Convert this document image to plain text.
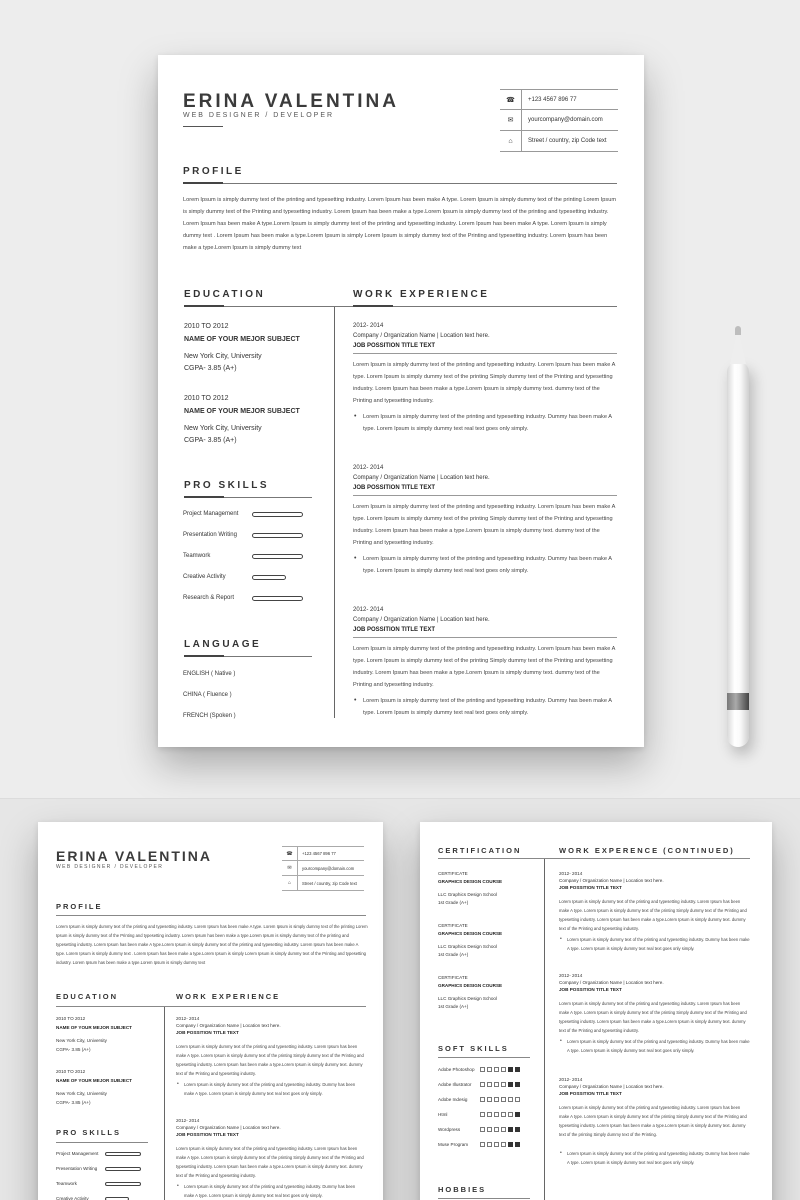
ERINA VALENTINA
WEB DESIGNER / DEVELOPER
☎	+123 4567 896 77
✉	yourcompany@domain.com
⌂	Street / country, zip Code text
PROFILE
Lorem Ipsum is simply dummy text of the printing and typesetting industry. Lorem Ipsum has been make A type. Lorem Ipsum is simply dummy text of the printing Lorem Ipsum is simply dummy text of the Printing and typesetting industry. Lorem Ipsum has been make a type.Lorem Ipsum is simply dummy text of the printing and typesetting industry. Lorem Ipsum has been make A type.Lorem Ipsum is simply dummy text of the printing and typesetting industry. Lorem Ipsum has been make A type. Lorem Ipsum is simply dummy text . Lorem Ipsum has been make a type.Lorem Ipsum is simply Lorem Ipsum is simply dummy text of the Printing and typesetting industry. Lorem Ipsum has been make a type.Lorem Ipsum is simply dummy text
EDUCATION
2010 TO 2012
NAME OF YOUR MEJOR SUBJECT
New York City, University
CGPA- 3.85 (A+)
2010 TO 2012
NAME OF YOUR MEJOR SUBJECT
New York City, University
CGPA- 3.85 (A+)
PRO SKILLS
Project Management
Presentation Writing
Teamwork
Creative Activity
Research & Report
LANGUAGE
ENGLISH ( Native )
CHINA ( Fluence )
FRENCH (Spoken )
WORK EXPERIENCE
2012- 2014
Company / Organization Name | Location text here.
JOB POSSITION TITLE TEXT
Lorem Ipsum is simply dummy text of the printing and typesetting industry. Lorem Ipsum has been make A type. Lorem Ipsum is simply dummy text of the printing Simply dummy text of the Printing and typesetting industry. Lorem Ipsum has been make a type.Lorem Ipsum is simply dummy text. dummy text of the Printing and typesetting industry.
• Lorem Ipsum is simply dummy text of the printing and typesetting industry. Dummy has been make A type. Lorem Ipsum is simply dummy text real text goes only simply.
2012- 2014
Company / Organization Name | Location text here.
JOB POSSITION TITLE TEXT
Lorem Ipsum is simply dummy text of the printing and typesetting industry. Lorem Ipsum has been make A type. Lorem Ipsum is simply dummy text of the printing Simply dummy text of the Printing and typesetting industry. Lorem Ipsum has been make a type.Lorem Ipsum is simply dummy text. dummy text of the Printing and typesetting industry.
• Lorem Ipsum is simply dummy text of the printing and typesetting industry. Dummy has been make A type. Lorem Ipsum is simply dummy text real text goes only simply.
2012- 2014
Company / Organization Name | Location text here.
JOB POSSITION TITLE TEXT
Lorem Ipsum is simply dummy text of the printing and typesetting industry. Lorem Ipsum has been make A type. Lorem Ipsum is simply dummy text of the printing Simply dummy text of the Printing and typesetting industry. Lorem Ipsum has been make a type.Lorem Ipsum is simply dummy text. dummy text of the Printing and typesetting industry.
• Lorem Ipsum is simply dummy text of the printing and typesetting industry. Dummy has been make A type. Lorem Ipsum is simply dummy text real text goes only simply.
ERINA VALENTINA
WEB DESIGNER / DEVELOPER
☎	+123 4567 896 77
✉	yourcompany@domain.com
⌂	Street / country, zip Code text
PROFILE
Lorem Ipsum is simply dummy text of the printing and typesetting industry. Lorem Ipsum has been make A type. Lorem Ipsum is simply dummy text of the printing Lorem Ipsum is simply dummy text of the Printing and typesetting industry. Lorem Ipsum has been make a type.Lorem Ipsum is simply dummy text of the printing and typesetting industry. Lorem Ipsum has been make A type.Lorem Ipsum is simply dummy text of the printing and typesetting industry. Lorem Ipsum has been make A type. Lorem Ipsum is simply dummy text . Lorem Ipsum has been make a type.Lorem Ipsum is simply Lorem Ipsum is simply dummy text of the Printing and typesetting industry. Lorem Ipsum has been make a type.Lorem Ipsum is simply dummy text
EDUCATION
2010 TO 2012
NAME OF YOUR MEJOR SUBJECT
New York City, University
CGPA- 3.85 (A+)
2010 TO 2012
NAME OF YOUR MEJOR SUBJECT
New York City, University
CGPA- 3.85 (A+)
PRO SKILLS
Project Management
Presentation Writing
Teamwork
Creative Activity
WORK EXPERIENCE
2012- 2014
Company / Organization Name | Location text here.
JOB POSSITION TITLE TEXT
Lorem Ipsum is simply dummy text of the printing and typesetting industry. Lorem Ipsum has been make A type. Lorem Ipsum is simply dummy text of the printing Simply dummy text of the Printing and typesetting industry. Lorem Ipsum has been make a type.Lorem Ipsum is simply dummy text. dummy text of the Printing and typesetting industry.
• Lorem Ipsum is simply dummy text of the printing and typesetting industry. Dummy has been make A type. Lorem Ipsum is simply dummy text real text goes only simply.
2012- 2014
Company / Organization Name | Location text here.
JOB POSSITION TITLE TEXT
Lorem Ipsum is simply dummy text of the printing and typesetting industry. Lorem Ipsum has been make A type. Lorem Ipsum is simply dummy text of the printing Simply dummy text of the Printing and typesetting industry. Lorem Ipsum has been make a type.Lorem Ipsum is simply dummy text. dummy text of the Printing and typesetting industry.
• Lorem Ipsum is simply dummy text of the printing and typesetting industry. Dummy has been make A type. Lorem Ipsum is simply dummy text real text goes only simply.
CERTIFICATION
CERTIFICATE
GRAPHICS DESIGN COURSE
LLC Graphics Design School
1st Grade (A+)
CERTIFICATE
GRAPHICS DESIGN COURSE
LLC Graphics Design School
1st Grade (A+)
CERTIFICATE
GRAPHICS DESIGN COURSE
LLC Graphics Design School
1st Grade (A+)
SOFT SKILLS
Adobe Photoshop
Adobe Illustrator
Adobe Indesig
Html
Wordpress
Muse Program
HOBBIES
WORK EXPERENCE (CONTINUED)
2012- 2014
Company / Organization Name | Location text here.
JOB POSSITION TITLE TEXT
Lorem Ipsum is simply dummy text of the printing and typesetting industry. Lorem Ipsum has been make A type. Lorem Ipsum is simply dummy text of the printing Simply dummy text of the Printing and typesetting industry. Lorem Ipsum has been make a type.Lorem Ipsum is simply dummy text. dummy text of the Printing and typesetting industry.
• Lorem Ipsum is simply dummy text of the printing and typesetting industry. Dummy has been make A type. Lorem Ipsum is simply dummy text real text goes only simply.
2012- 2014
Company / Organization Name | Location text here.
JOB POSSITION TITLE TEXT
Lorem Ipsum is simply dummy text of the printing and typesetting industry. Lorem Ipsum has been make A type. Lorem Ipsum is simply dummy text of the printing Simply dummy text of the Printing and typesetting industry. Lorem Ipsum has been make a type.Lorem Ipsum is simply dummy text. dummy text of the Printing and typesetting industry.
• Lorem Ipsum is simply dummy text of the printing and typesetting industry. Dummy has been make A type. Lorem Ipsum is simply dummy text real text goes only simply.
2012- 2014
Company / Organization Name | Location text here.
JOB POSSITION TITLE TEXT
Lorem Ipsum is simply dummy text of the printing and typesetting industry. Lorem Ipsum has been make A type. Lorem Ipsum is simply dummy text of the printing Simply dummy text of the Printing and typesetting industry. Lorem Ipsum has been make a type.Lorem Ipsum is simply dummy text. dummy text of the printing Simply dummy text of the Printing.
• Lorem Ipsum is simply dummy text of the printing and typesetting industry. Dummy has been make A type. Lorem Ipsum is simply dummy text real text goes only simply.
